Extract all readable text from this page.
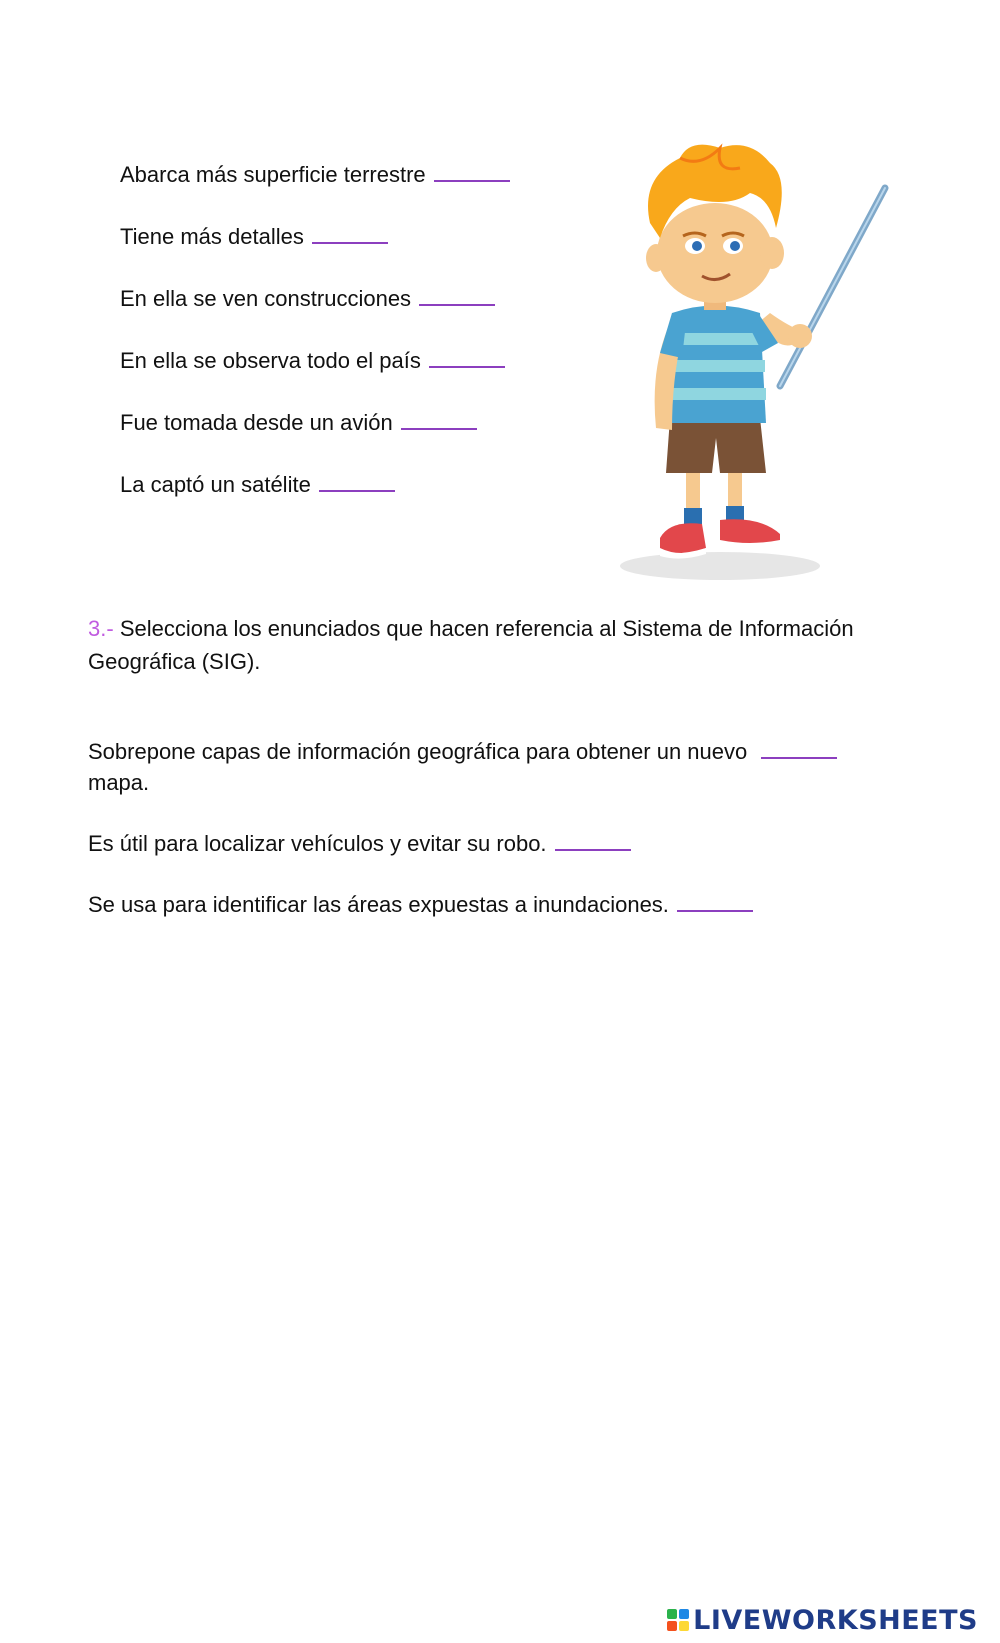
Abarca más superficie terrestre
Tiene más detalles
En ella se ven construcciones
En ella se observa todo el país
Fue tomada desde un avión
La captó un satélite
3.- Selecciona los enunciados que hacen referencia al Sistema de Información Geográfica (SIG).
Sobrepone capas de información geográfica para obtener un nuevo
mapa.
Es útil para localizar vehículos y evitar su robo.
Se usa para identificar las áreas expuestas a inundaciones.
LIVEWORKSHEETS
